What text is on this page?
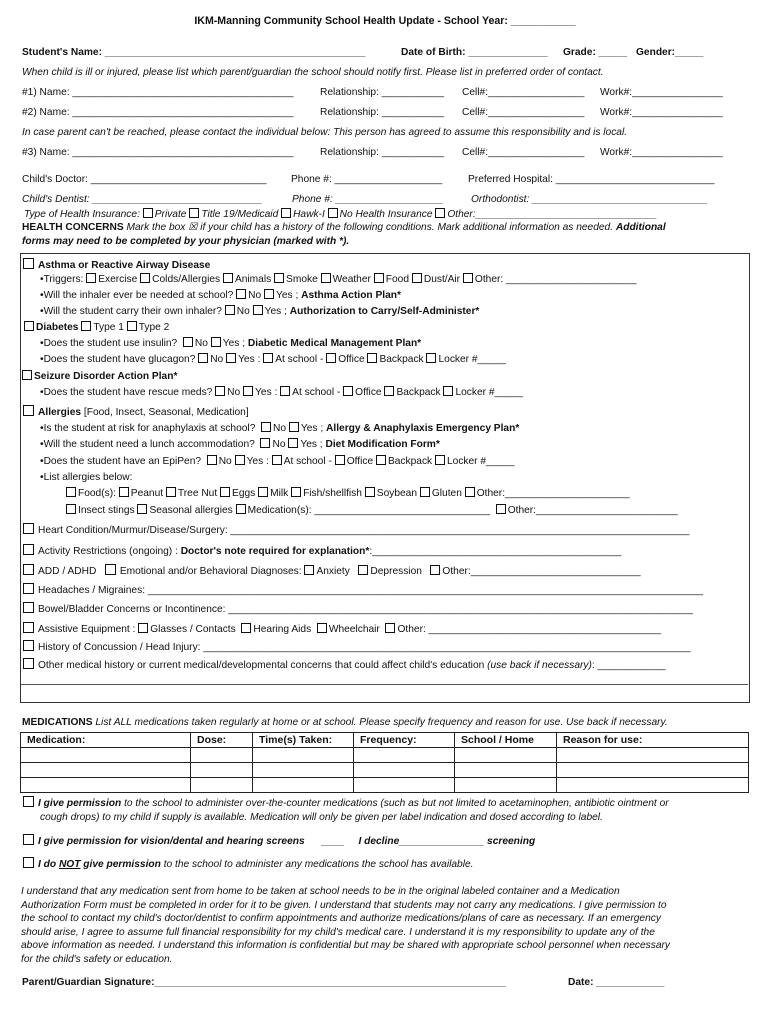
IKM-Manning Community School Health Update - School Year: ___________
Student's Name: ______________________________________________	Date of Birth: ______________ Grade: _____ Gender:_____
When child is ill or injured, please list which parent/guardian the school should notify first. Please list in preferred order of contact.
#1) Name: _______________________________________	Relationship: ___________ Cell#:_________________ Work#:________________
#2) Name: _______________________________________	Relationship: ___________ Cell#:_________________ Work#:________________
In case parent can't be reached, please contact the individual below: This person has agreed to assume this responsibility and is local.
#3) Name: _______________________________________	Relationship: ___________ Cell#:_________________ Work#:________________
Child's Doctor: _______________________________ Phone #: ___________________	Preferred Hospital: ____________________________
Child's Dentist: ______________________________	Phone #: ___________________	Orthodontist: _______________________________
Type of Health Insurance: Private Title 19/Medicaid Hawk-I No Health Insurance Other:________________________________
HEALTH CONCERNS Mark the box ☒ if your child has a history of the following conditions. Mark additional information as needed. Additional
forms may need to be completed by your physician (marked with *).
Asthma or Reactive Airway Disease
•Triggers: Exercise Colds/Allergies Animals Smoke Weather Food Dust/Air Other: _______________________
•Will the inhaler ever be needed at school? No Yes ; Asthma Action Plan*
•Will the student carry their own inhaler? No Yes ; Authorization to Carry/Self-Administer*
Diabetes Type 1 Type 2
•Does the student use insulin? No Yes ; Diabetic Medical Management Plan*
•Does the student have glucagon? No Yes : At school - Office Backpack Locker #_____
Seizure Disorder Action Plan*
•Does the student have rescue meds? No Yes : At school - Office Backpack Locker #_____
Allergies [Food, Insect, Seasonal, Medication]
•Is the student at risk for anaphylaxis at school? No Yes ; Allergy & Anaphylaxis Emergency Plan*
•Will the student need a lunch accommodation? No Yes ; Diet Modification Form*
•Does the student have an EpiPen? No Yes : At school - Office Backpack Locker #_____
•List allergies below:
Food(s): Peanut Tree Nut Eggs Milk Fish/shellfish Soybean Gluten Other:______________________
Insect stings Seasonal allergies Medication(s): _______________________________ Other:_________________________
Heart Condition/Murmur/Disease/Surgery: _________________________________________________________________________________
Activity Restrictions (ongoing) : Doctor's note required for explanation*:____________________________________________
ADD / ADHD Emotional and/or Behavioral Diagnoses: Anxiety Depression Other:______________________________
Headaches / Migraines: __________________________________________________________________________________________________
Bowel/Bladder Concerns or Incontinence: __________________________________________________________________________________
Assistive Equipment : Glasses / Contacts Hearing Aids Wheelchair Other: _________________________________________
History of Concussion / Head Injury: ______________________________________________________________________________________
Other medical history or current medical/developmental concerns that could affect child's education (use back if necessary): ____________
MEDICATIONS List ALL medications taken regularly at home or at school. Please specify frequency and reason for use. Use back if necessary.
Medication:	Dose:	Time(s) Taken:	Frequency:	School / Home	Reason for use:

I give permission to the school to administer over-the-counter medications (such as but not limited to acetaminophen, antibiotic ointment or
cough drops) to my child if supply is available. Medication will only be given per label indication and dosed according to label.
I give permission for vision/dental and hearing screens ____ I decline_______________ screening
I do NOT give permission to the school to administer any medications the school has available.
I understand that any medication sent from home to be taken at school needs to be in the original labeled container and a Medication
Authorization Form must be completed in order for it to be given. I understand that students may not carry any medications. I give permission to
the school to contact my child's doctor/dentist to confirm appointments and authorize medications/plans of care as necessary. If an emergency
should arise, I agree to assume full financial responsibility for my child's medical care. I understand it is my responsibility to update any of the
above information as needed. I understand this information is confidential but may be shared with appropriate school personnel when necessary
for the child's safety or education.
Parent/Guardian Signature:______________________________________________________________	Date: ____________
